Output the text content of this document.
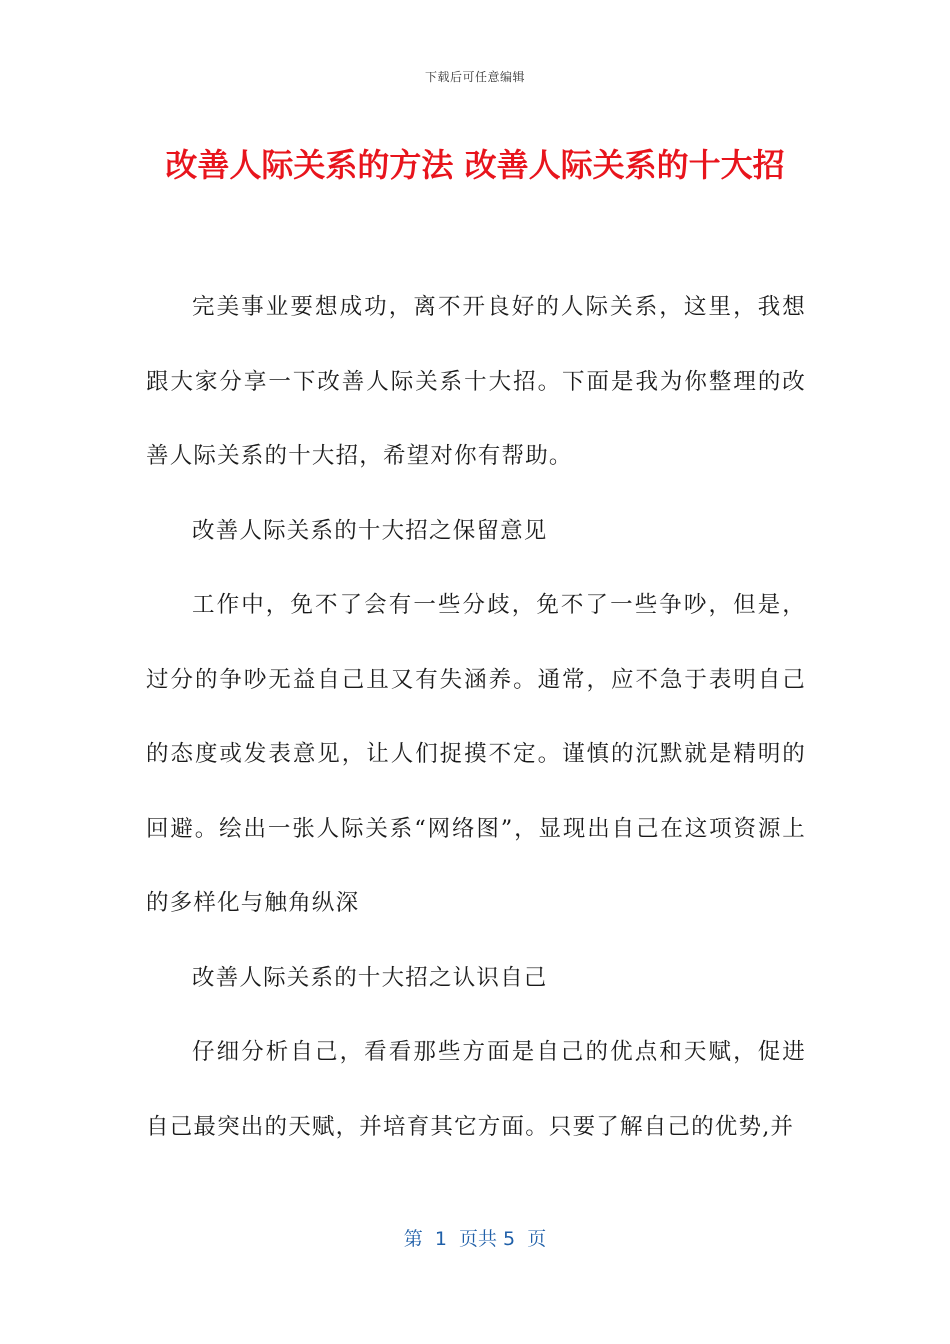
下载后可任意编辑
改善人际关系的方法 改善人际关系的十大招

完美事业要想成功，离不开良好的人际关系，这里，我想跟大家分享一下改善人际关系十大招。下面是我为你整理的改善人际关系的十大招，希望对你有帮助。

改善人际关系的十大招之保留意见

工作中，免不了会有一些分歧，免不了一些争吵，但是，过分的争吵无益自己且又有失涵养。通常，应不急于表明自己的态度或发表意见，让人们捉摸不定。谨慎的沉默就是精明的回避。绘出一张人际关系“网络图”，显现出自己在这项资源上的多样化与触角纵深

改善人际关系的十大招之认识自己

仔细分析自己，看看那些方面是自己的优点和天赋，促进自己最突出的天赋，并培育其它方面。只要了解自己的优势,并

第  1  页共 5  页
